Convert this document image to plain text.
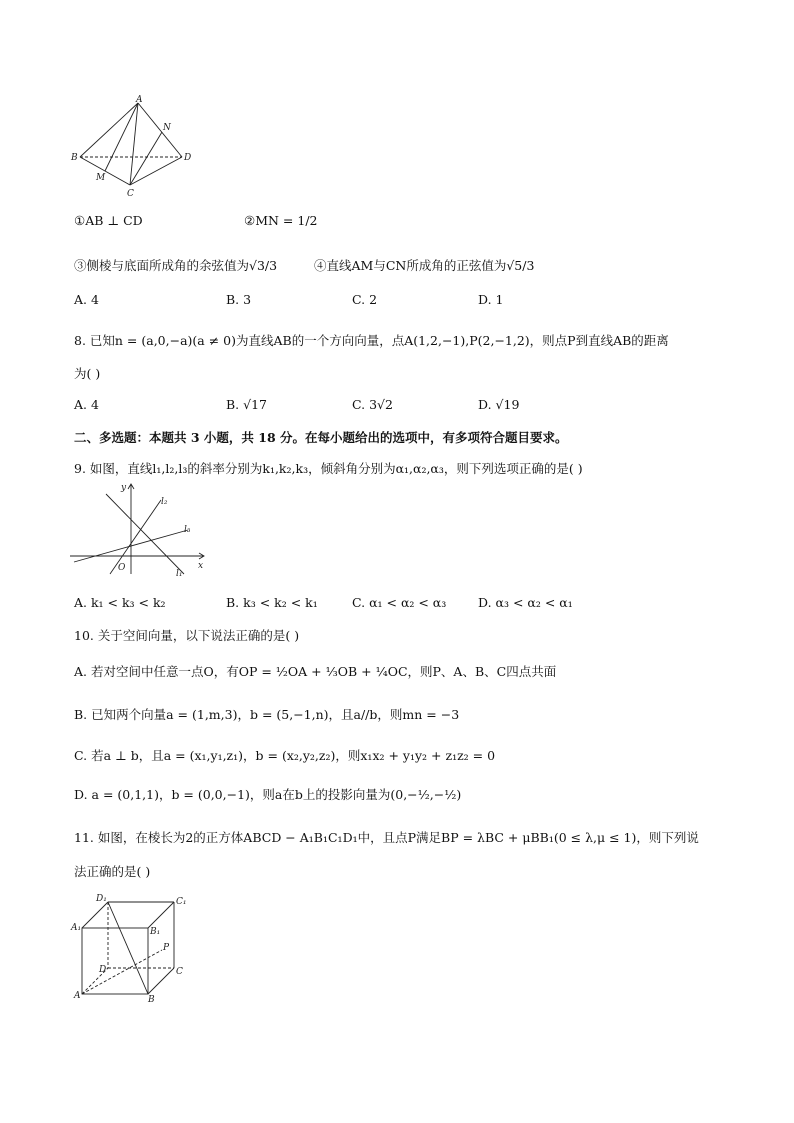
A
B
C
D
M
N
①AB ⊥ CD	②MN = 1/2
③侧棱与底面所成角的余弦值为√3/3	④直线AM与CN所成角的正弦值为√5/3
A. 4	B. 3	C. 2	D. 1
8. 已知n = (a,0,−a)(a ≠ 0)为直线AB的一个方向向量，点A(1,2,−1),P(2,−1,2)，则点P到直线AB的距离
为( )
A. 4	B. √17	C. 3√2	D. √19
二、多选题：本题共 3 小题，共 18 分。在每小题给出的选项中，有多项符合题目要求。
9. 如图，直线l₁,l₂,l₃的斜率分别为k₁,k₂,k₃，倾斜角分别为α₁,α₂,α₃，则下列选项正确的是( )
y
x
O
l₂
l₃
l₁
A. k₁ < k₃ < k₂	B. k₃ < k₂ < k₁	C. α₁ < α₂ < α₃	D. α₃ < α₂ < α₁
10. 关于空间向量，以下说法正确的是( )
A. 若对空间中任意一点O，有OP = ½OA + ⅓OB + ¼OC，则P、A、B、C四点共面
B. 已知两个向量a = (1,m,3)，b = (5,−1,n)，且a//b，则mn = −3
C. 若a ⊥ b，且a = (x₁,y₁,z₁)，b = (x₂,y₂,z₂)，则x₁x₂ + y₁y₂ + z₁z₂ = 0
D. a = (0,1,1)，b = (0,0,−1)，则a在b上的投影向量为(0,−½,−½)
11. 如图，在棱长为2的正方体ABCD − A₁B₁C₁D₁中，且点P满足BP = λBC + μBB₁(0 ≤ λ,μ ≤ 1)，则下列说
法正确的是( )
D₁	C₁
A₁	B₁
P
D	C
A	B
